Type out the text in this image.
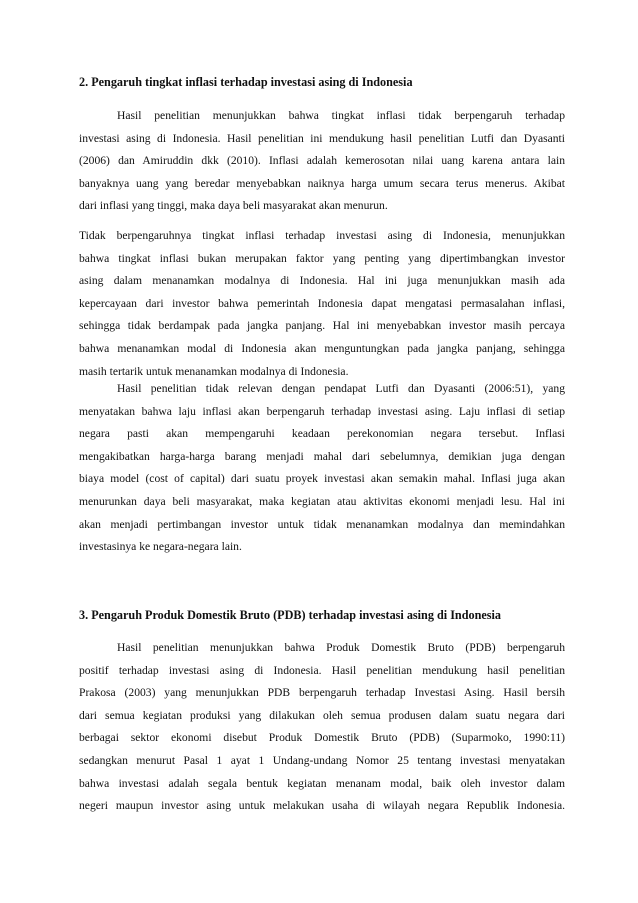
2. Pengaruh tingkat inflasi terhadap investasi asing di Indonesia
Hasil penelitian menunjukkan bahwa tingkat inflasi tidak berpengaruh terhadap
investasi asing di Indonesia. Hasil penelitian ini mendukung hasil penelitian Lutfi dan Dyasanti
(2006) dan Amiruddin dkk (2010). Inflasi adalah kemerosotan nilai uang karena antara lain
banyaknya uang yang beredar menyebabkan naiknya harga umum secara terus menerus. Akibat
dari inflasi yang tinggi, maka daya beli masyarakat akan menurun.
Tidak berpengaruhnya tingkat inflasi terhadap investasi asing di Indonesia, menunjukkan
bahwa tingkat inflasi bukan merupakan faktor yang penting yang dipertimbangkan investor
asing dalam menanamkan modalnya di Indonesia. Hal ini juga menunjukkan masih ada
kepercayaan dari investor bahwa pemerintah Indonesia dapat mengatasi permasalahan inflasi,
sehingga tidak berdampak pada jangka panjang. Hal ini menyebabkan investor masih percaya
bahwa menanamkan modal di Indonesia akan menguntungkan pada jangka panjang, sehingga
masih tertarik untuk menanamkan modalnya di Indonesia.
Hasil penelitian tidak relevan dengan pendapat Lutfi dan Dyasanti (2006:51), yang
menyatakan bahwa laju inflasi akan berpengaruh terhadap investasi asing. Laju inflasi di setiap
negara pasti akan mempengaruhi keadaan perekonomian negara tersebut. Inflasi
mengakibatkan harga-harga barang menjadi mahal dari sebelumnya, demikian juga dengan
biaya model (cost of capital) dari suatu proyek investasi akan semakin mahal. Inflasi juga akan
menurunkan daya beli masyarakat, maka kegiatan atau aktivitas ekonomi menjadi lesu. Hal ini
akan menjadi pertimbangan investor untuk tidak menanamkan modalnya dan memindahkan
investasinya ke negara-negara lain.
3. Pengaruh Produk Domestik Bruto (PDB) terhadap investasi asing di Indonesia
Hasil penelitian menunjukkan bahwa Produk Domestik Bruto (PDB) berpengaruh
positif terhadap investasi asing di Indonesia. Hasil penelitian mendukung hasil penelitian
Prakosa (2003) yang menunjukkan PDB berpengaruh terhadap Investasi Asing. Hasil bersih
dari semua kegiatan produksi yang dilakukan oleh semua produsen dalam suatu negara dari
berbagai sektor ekonomi disebut Produk Domestik Bruto (PDB) (Suparmoko, 1990:11)
sedangkan menurut Pasal 1 ayat 1 Undang-undang Nomor 25 tentang investasi menyatakan
bahwa investasi adalah segala bentuk kegiatan menanam modal, baik oleh investor dalam
negeri maupun investor asing untuk melakukan usaha di wilayah negara Republik Indonesia.
